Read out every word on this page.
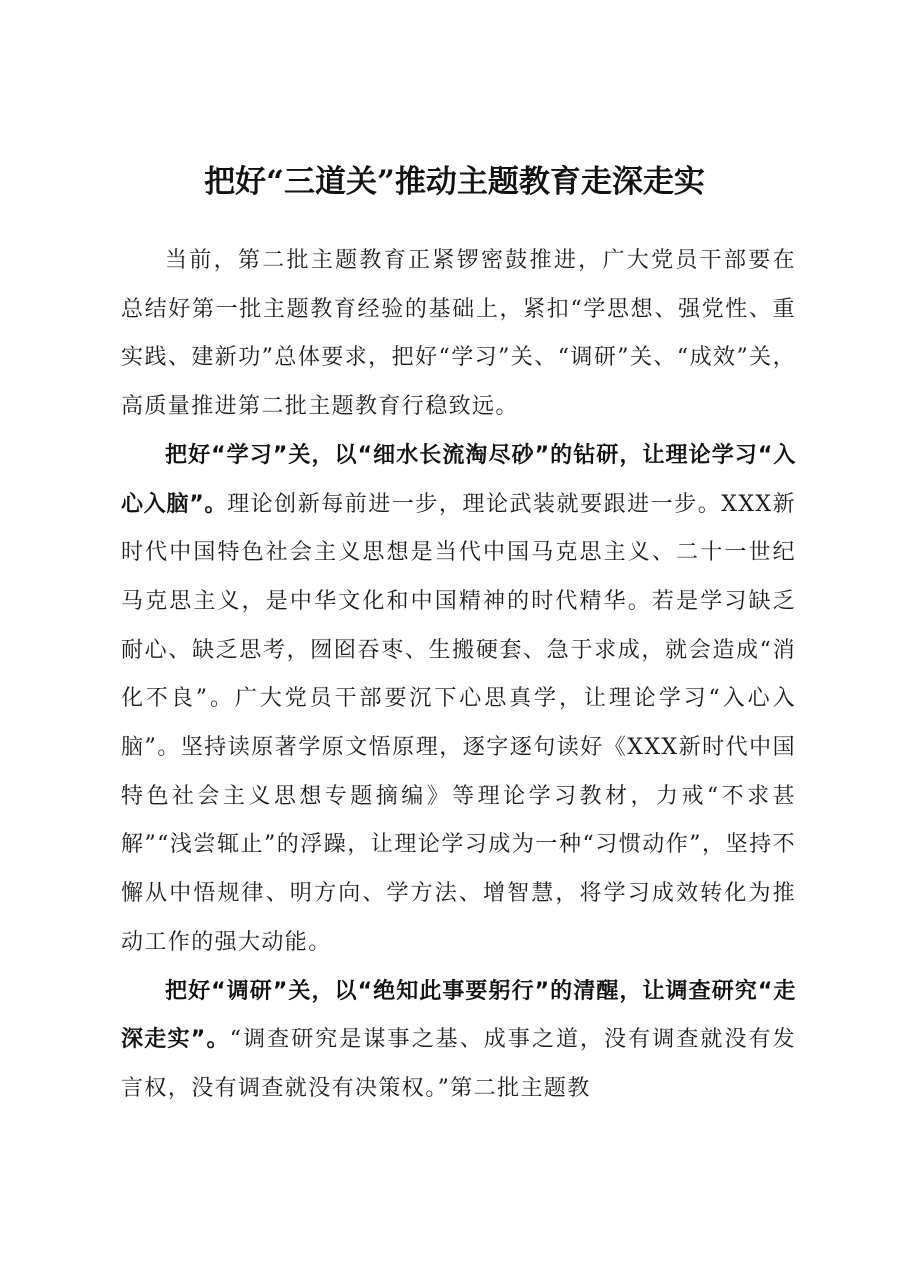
把好“三道关”推动主题教育走深走实

当前，第二批主题教育正紧锣密鼓推进，广大党员干部要在总结好第一批主题教育经验的基础上，紧扣“学思想、强党性、重实践、建新功”总体要求，把好“学习”关、“调研”关、“成效”关，高质量推进第二批主题教育行稳致远。

把好“学习”关，以“细水长流淘尽砂”的钻研，让理论学习“入心入脑”。理论创新每前进一步，理论武装就要跟进一步。XXX新时代中国特色社会主义思想是当代中国马克思主义、二十一世纪马克思主义，是中华文化和中国精神的时代精华。若是学习缺乏耐心、缺乏思考，囫囵吞枣、生搬硬套、急于求成，就会造成“消化不良”。广大党员干部要沉下心思真学，让理论学习“入心入脑”。坚持读原著学原文悟原理，逐字逐句读好《XXX新时代中国特色社会主义思想专题摘编》等理论学习教材，力戒“不求甚解”“浅尝辄止”的浮躁，让理论学习成为一种“习惯动作”，坚持不懈从中悟规律、明方向、学方法、增智慧，将学习成效转化为推动工作的强大动能。

把好“调研”关，以“绝知此事要躬行”的清醒，让调查研究“走深走实”。“调查研究是谋事之基、成事之道，没有调查就没有发言权，没有调查就没有决策权。”第二批主题教
